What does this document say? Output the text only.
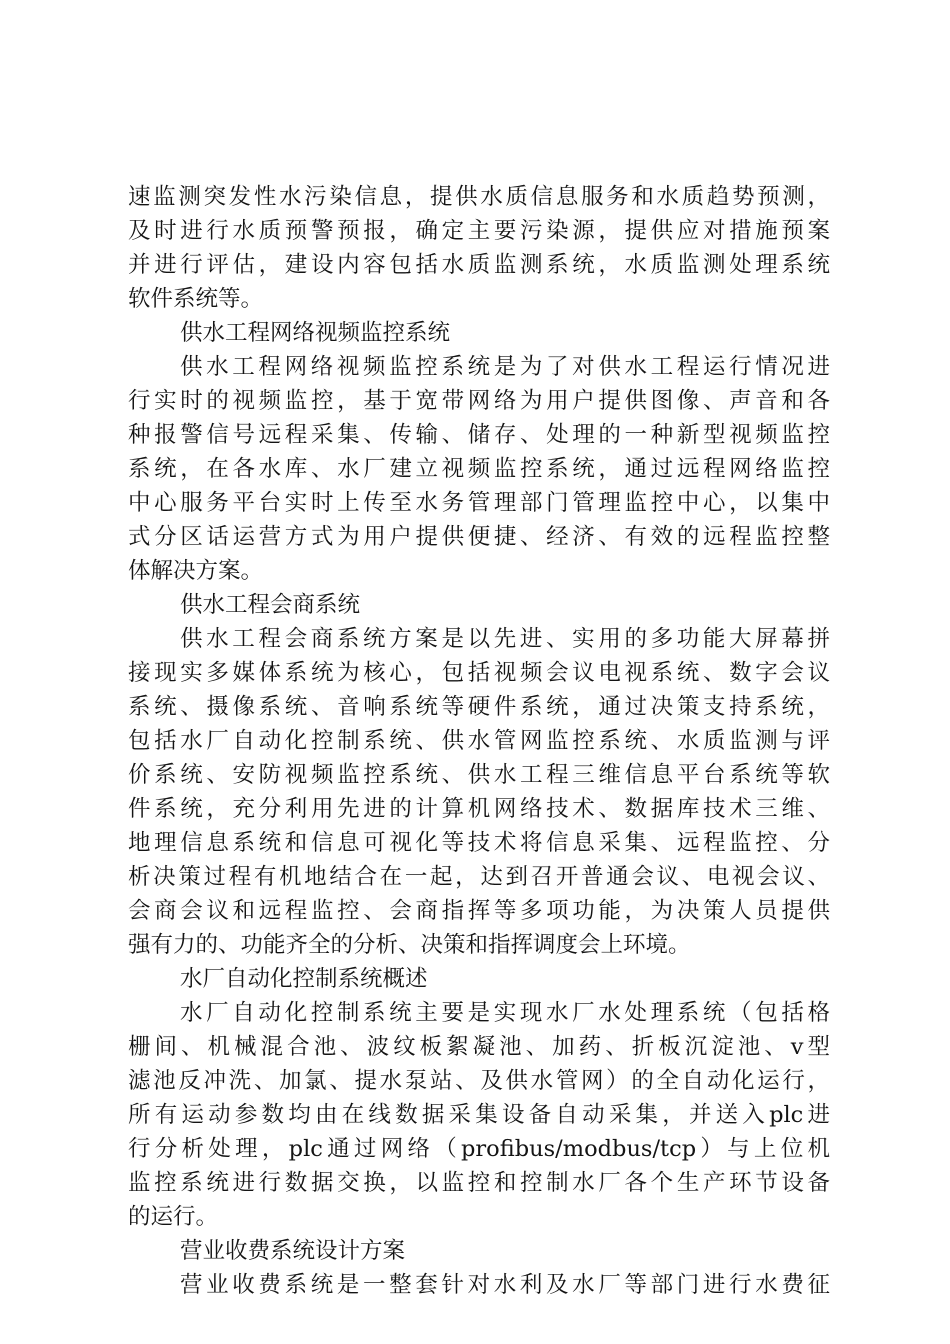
速监测突发性水污染信息，提供水质信息服务和水质趋势预测，
及时进行水质预警预报，确定主要污染源，提供应对措施预案
并进行评估，建设内容包括水质监测系统，水质监测处理系统
软件系统等。
供水工程网络视频监控系统
供水工程网络视频监控系统是为了对供水工程运行情况进
行实时的视频监控，基于宽带网络为用户提供图像、声音和各
种报警信号远程采集、传输、储存、处理的一种新型视频监控
系统，在各水库、水厂建立视频监控系统，通过远程网络监控
中心服务平台实时上传至水务管理部门管理监控中心，以集中
式分区话运营方式为用户提供便捷、经济、有效的远程监控整
体解决方案。
供水工程会商系统
供水工程会商系统方案是以先进、实用的多功能大屏幕拼
接现实多媒体系统为核心，包括视频会议电视系统、数字会议
系统、摄像系统、音响系统等硬件系统，通过决策支持系统，
包括水厂自动化控制系统、供水管网监控系统、水质监测与评
价系统、安防视频监控系统、供水工程三维信息平台系统等软
件系统，充分利用先进的计算机网络技术、数据库技术三维、
地理信息系统和信息可视化等技术将信息采集、远程监控、分
析决策过程有机地结合在一起，达到召开普通会议、电视会议、
会商会议和远程监控、会商指挥等多项功能，为决策人员提供
强有力的、功能齐全的分析、决策和指挥调度会上环境。
水厂自动化控制系统概述
水厂自动化控制系统主要是实现水厂水处理系统（包括格
栅间、机械混合池、波纹板絮凝池、加药、折板沉淀池、v型
滤池反冲洗、加氯、提水泵站、及供水管网）的全自动化运行，
所有运动参数均由在线数据采集设备自动采集，并送入plc进
行分析处理，plc通过网络（profibus/modbus/tcp）与上位机
监控系统进行数据交换，以监控和控制水厂各个生产环节设备
的运行。
营业收费系统设计方案
营业收费系统是一整套针对水利及水厂等部门进行水费征
